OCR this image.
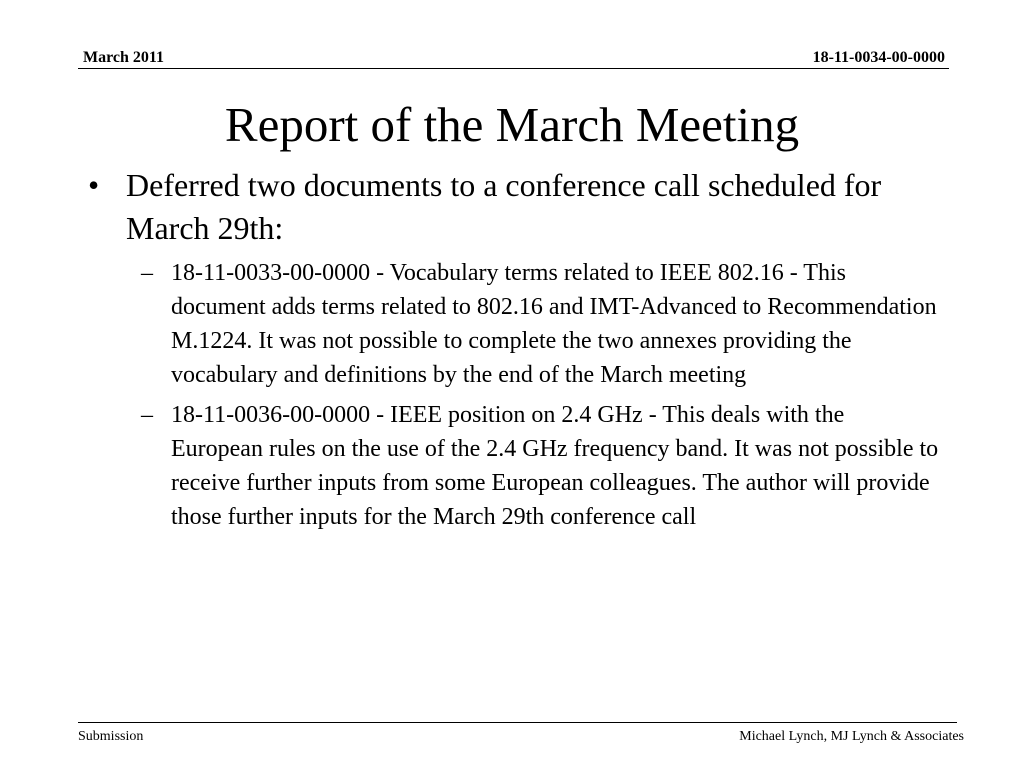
March 2011	18-11-0034-00-0000
Report of the March Meeting
• Deferred two documents to a conference call scheduled for March 29th:
– 18-11-0033-00-0000 - Vocabulary terms related to IEEE 802.16 - This document adds terms related to 802.16 and IMT-Advanced to Recommendation M.1224. It was not possible to complete the two annexes providing the vocabulary and definitions by the end of the March meeting
– 18-11-0036-00-0000 - IEEE position on 2.4 GHz - This deals with the European rules on the use of the 2.4 GHz frequency band. It was not possible to receive further inputs from some European colleagues. The author will provide those further inputs for the March 29th conference call
Submission	Michael Lynch, MJ Lynch & Associates
